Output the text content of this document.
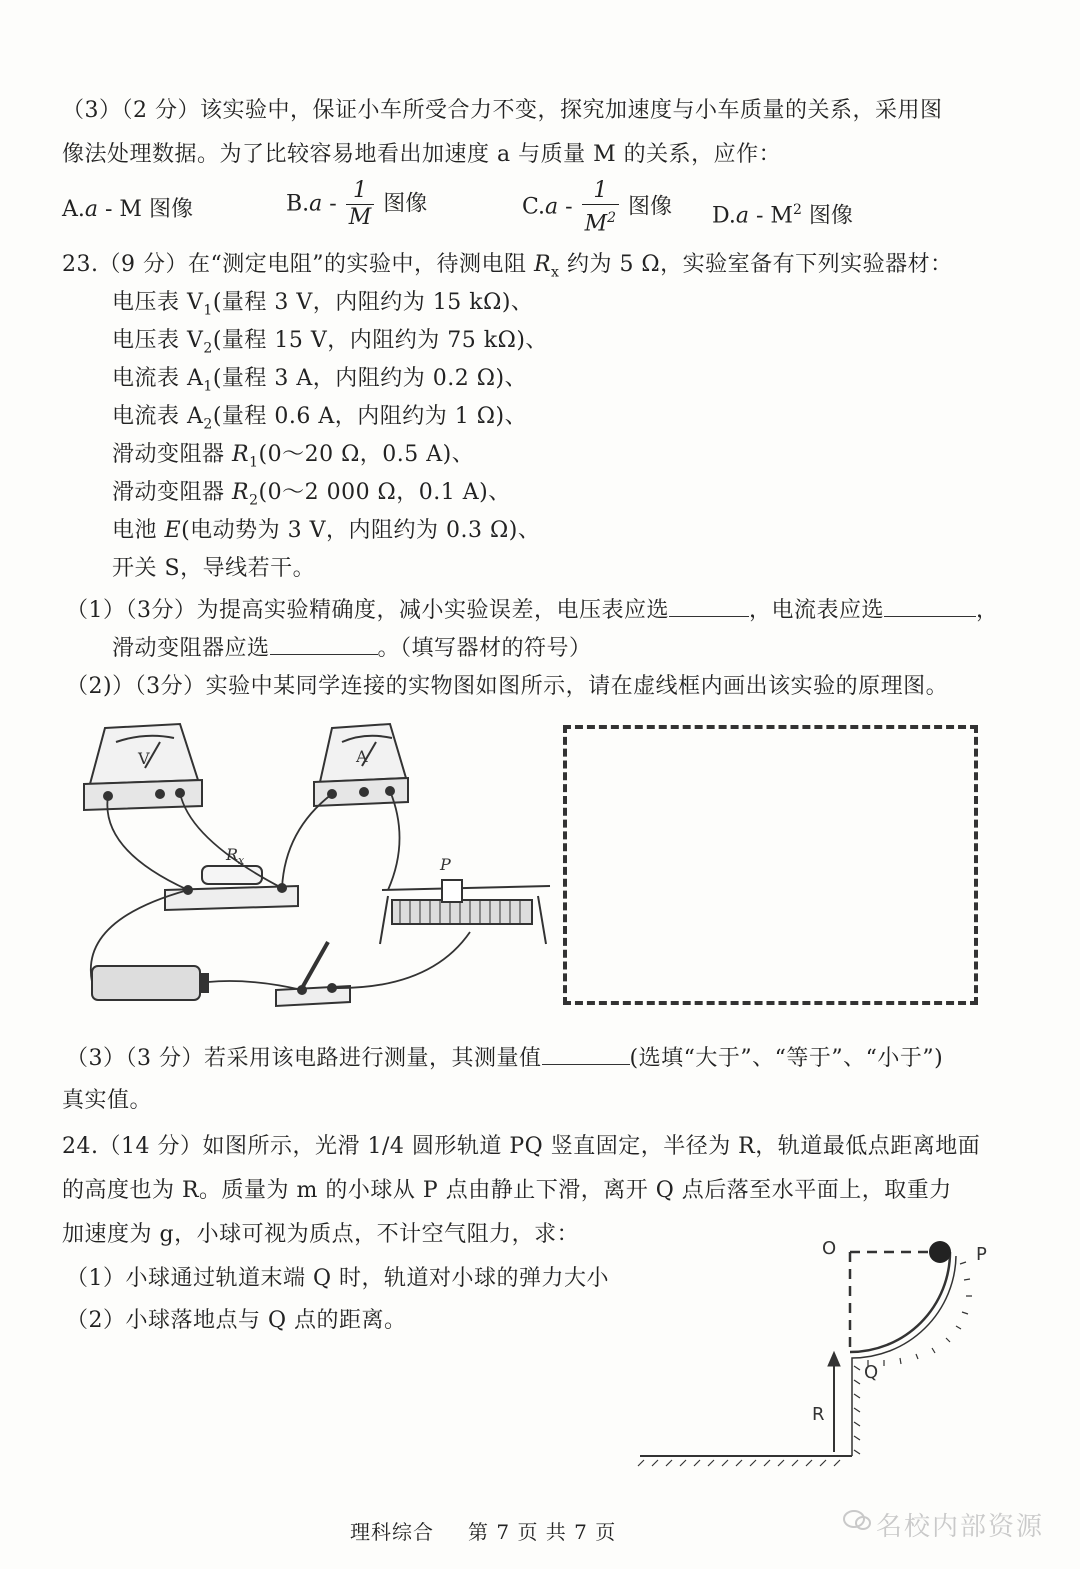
（3）（2 分）该实验中，保证小车所受合力不变，探究加速度与小车质量的关系，采用图
像法处理数据。为了比较容易地看出加速度 a 与质量 M 的关系，应作：
A.a - M 图像	$B.a - \frac{1}{M}$ 图像	$C.a - \frac{1}{M^2}$ 图像 $D.a - M^2$ 图像
23.（9 分）在“测定电阻”的实验中，待测电阻 $R_x$ 约为 5 Ω，实验室备有下列实验器材：
电压表 $V_1$(量程 3 V，内阻约为 15 kΩ)、
电压表 $V_2$(量程 15 V，内阻约为 75 kΩ)、
电流表 $A_1$(量程 3 A，内阻约为 0.2 Ω)、
电流表 $A_2$(量程 0.6 A，内阻约为 1 Ω)、
滑动变阻器 $R_1(0\sim 20$ Ω，0.5 A)、
滑动变阻器 $R_2(0\sim 2$ 000 Ω，0.1 A)、
电池 E(电动势为 3 V，内阻约为 0.3 Ω)、
开关 S，导线若干。
（1）（3分）为提高实验精确度，减小实验误差，电压表应选	，电流表应选	，
滑动变阻器应选	。（填写器材的符号）
（2)）（3分）实验中某同学连接的实物图如图所示，请在虚线框内画出该实验的原理图。
V	A
$R_x$	P
（3）（3 分）若采用该电路进行测量，其测量值	(选填“大于”、“等于”、“小于”)
真实值。
24.（14 分）如图所示，光滑 1/4 圆形轨道 PQ 竖直固定，半径为 R，轨道最低点距离地面
的高度也为 R。质量为 m 的小球从 P 点由静止下滑，离开 Q 点后落至水平面上，取重力
加速度为 g，小球可视为质点，不计空气阻力，求：
（1）小球通过轨道末端 Q 时，轨道对小球的弹力大小
（2）小球落地点与 Q 点的距离。
O	P
Q
R
理科综合 第 7 页 共 7 页	名校内部资源
